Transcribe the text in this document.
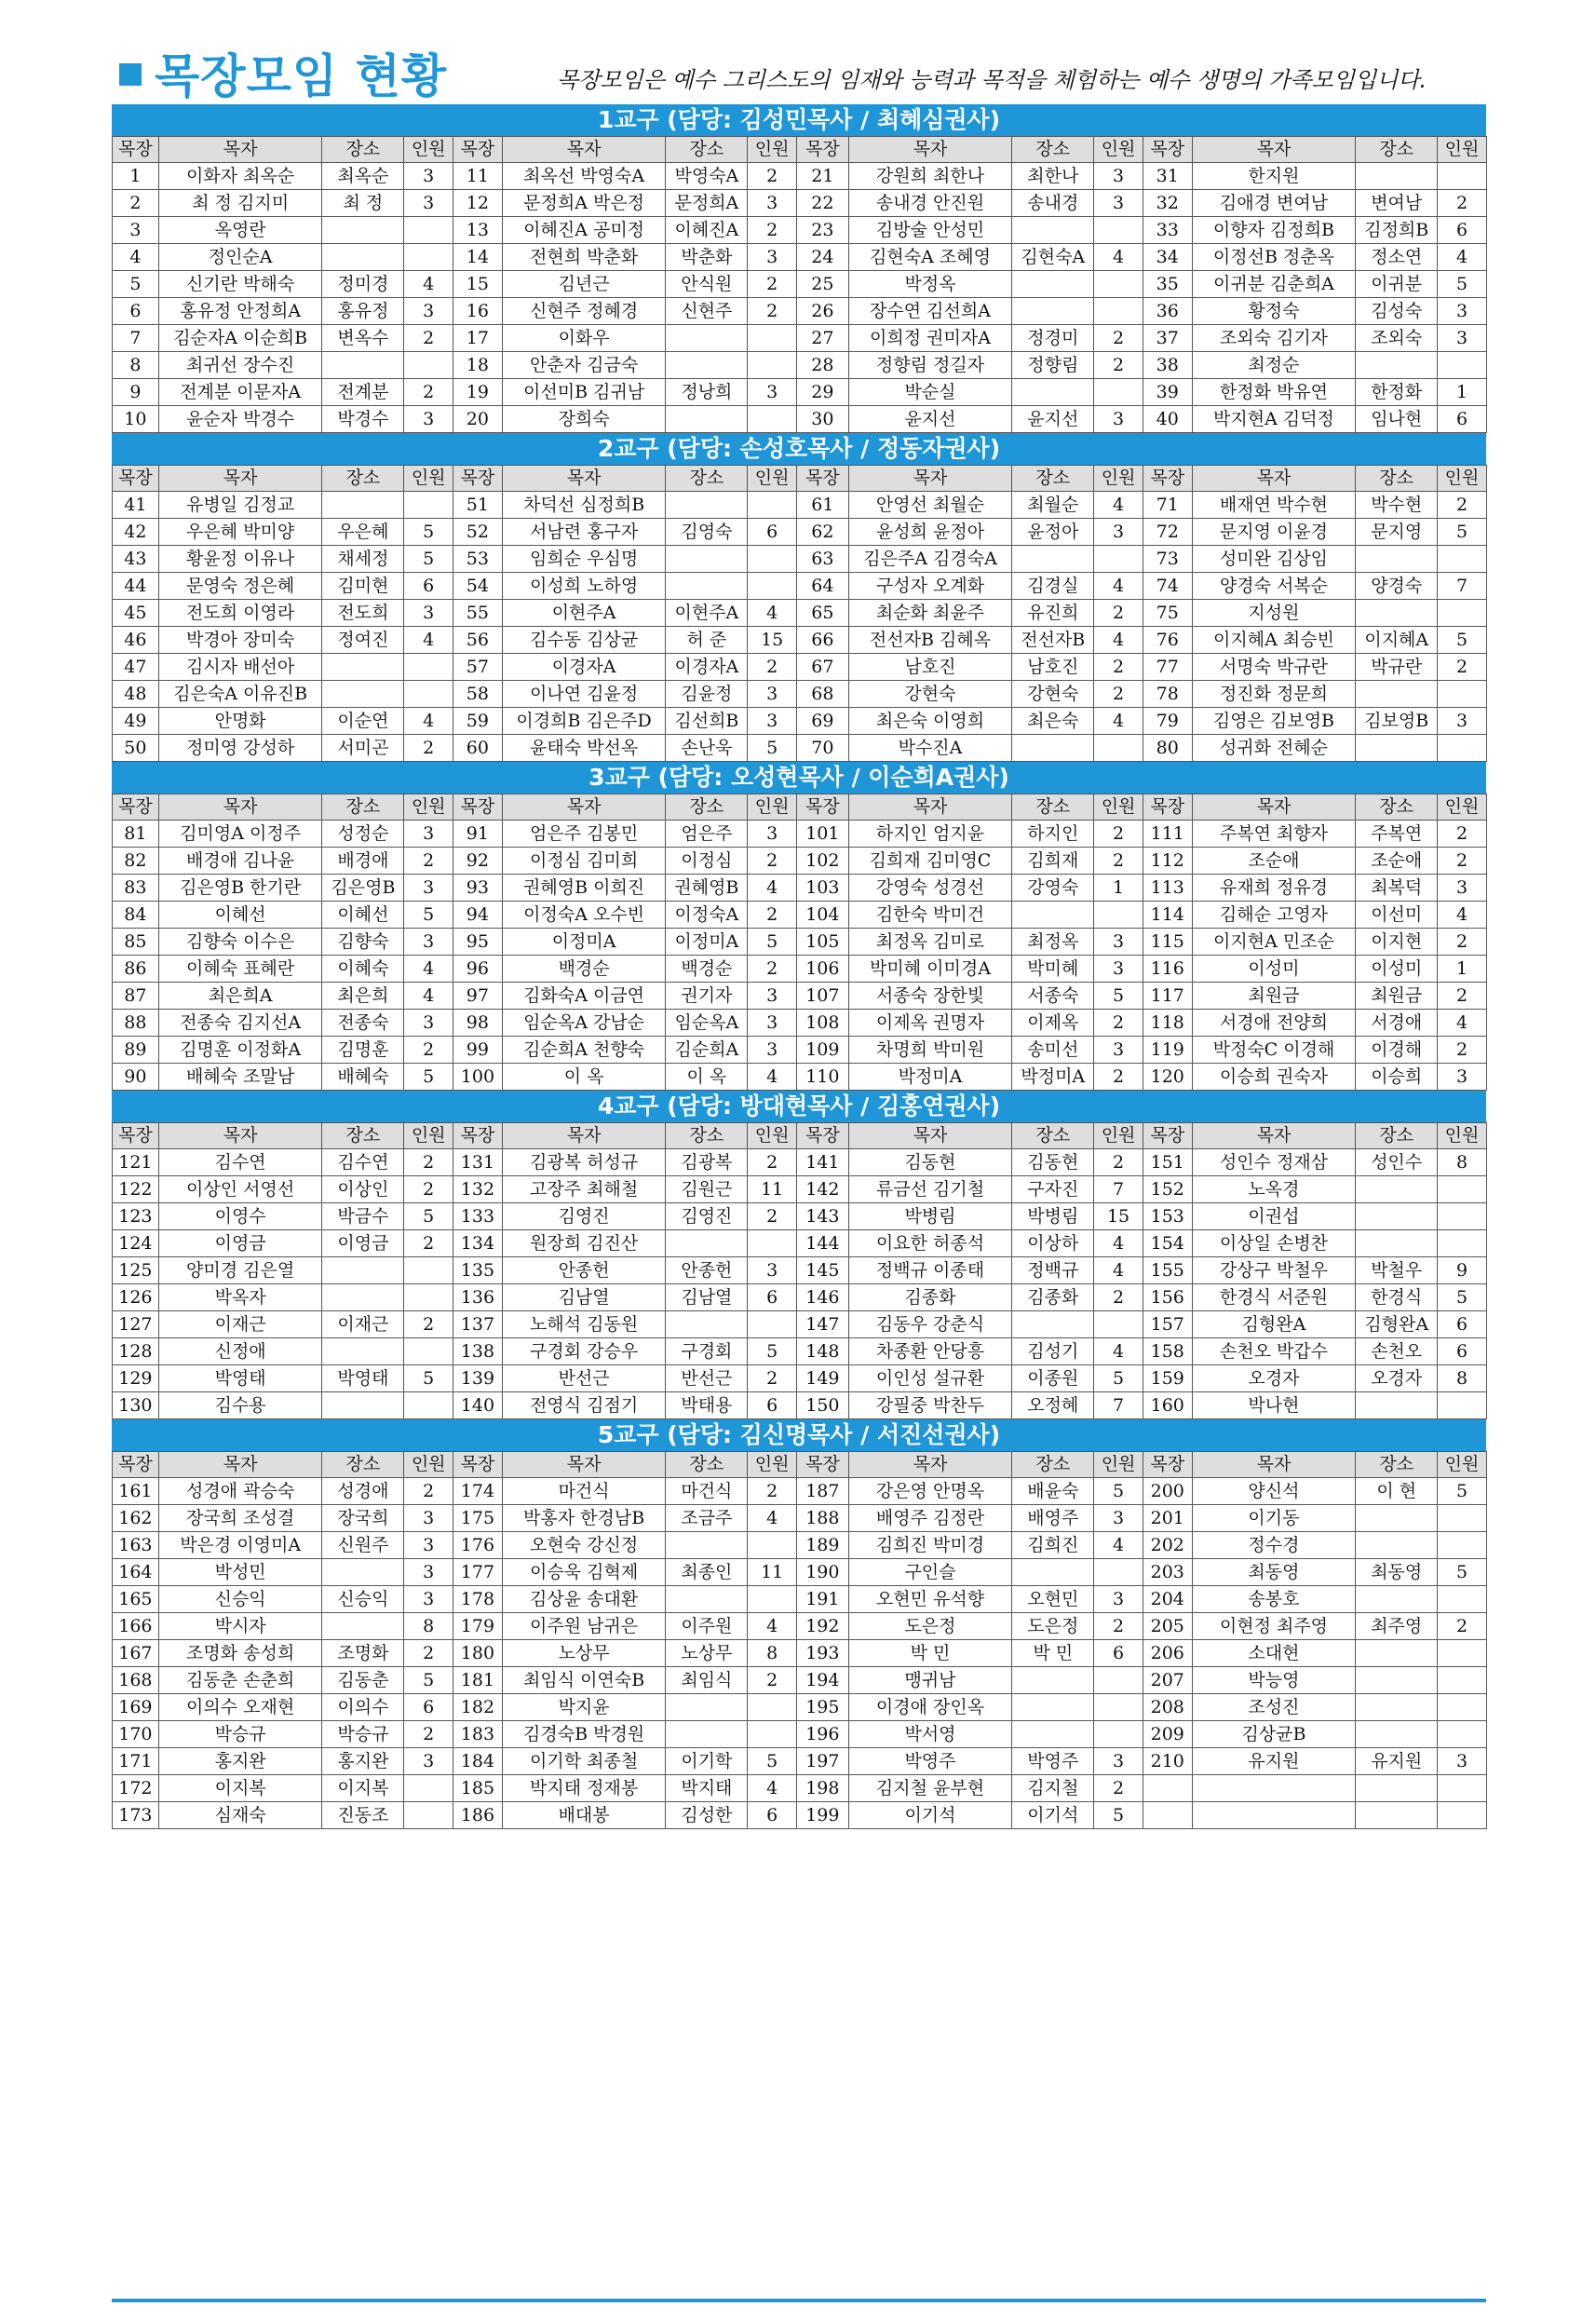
목장모임 현황	목장모임은 예수 그리스도의 임재와 능력과 목적을 체험하는 예수 생명의 가족모임입니다.
1교구 (담당: 김성민목사 / 최혜심권사)
목장	목자	장소	인원	목장	목자	장소	인원	목장	목자	장소	인원	목장	목자	장소	인원
1	이화자 최옥순	최옥순	3	11	최옥선 박영숙A	박영숙A	2	21	강원희 최한나	최한나	3	31	한지원		
2	최 정 김지미	최 정	3	12	문정희A 박은정	문정희A	3	22	송내경 안진원	송내경	3	32	김애경 변여남	변여남	2
3	옥영란			13	이혜진A 공미정	이혜진A	2	23	김방술 안성민			33	이향자 김정희B	김정희B	6
4	정인순A			14	전현희 박춘화	박춘화	3	24	김현숙A 조혜영	김현숙A	4	34	이정선B 정춘옥	정소연	4
5	신기란 박해숙	정미경	4	15	김년근	안식원	2	25	박정옥			35	이귀분 김춘희A	이귀분	5
6	홍유정 안정희A	홍유정	3	16	신현주 정혜경	신현주	2	26	장수연 김선희A			36	황정숙	김성숙	3
7	김순자A 이순희B	변옥수	2	17	이화우			27	이희정 권미자A	정경미	2	37	조외숙 김기자	조외숙	3
8	최귀선 장수진			18	안춘자 김금숙			28	정향림 정길자	정향림	2	38	최정순		
9	전계분 이문자A	전계분	2	19	이선미B 김귀남	정낭희	3	29	박순실			39	한정화 박유연	한정화	1
10	윤순자 박경수	박경수	3	20	장희숙			30	윤지선	윤지선	3	40	박지현A 김덕정	임나현	6
2교구 (담당: 손성호목사 / 정동자권사)
목장	목자	장소	인원	목장	목자	장소	인원	목장	목자	장소	인원	목장	목자	장소	인원
41	유병일 김정교			51	차덕선 심정희B			61	안영선 최월순	최월순	4	71	배재연 박수현	박수현	2
42	우은혜 박미양	우은혜	5	52	서남련 홍구자	김영숙	6	62	윤성희 윤정아	윤정아	3	72	문지영 이윤경	문지영	5
43	황윤정 이유나	채세정	5	53	임희순 우심명			63	김은주A 김경숙A			73	성미완 김상임		
44	문영숙 정은혜	김미현	6	54	이성희 노하영			64	구성자 오계화	김경실	4	74	양경숙 서복순	양경숙	7
45	전도희 이영라	전도희	3	55	이현주A	이현주A	4	65	최순화 최윤주	유진희	2	75	지성원		
46	박경아 장미숙	정여진	4	56	김수동 김상균	허 준	15	66	전선자B 김혜옥	전선자B	4	76	이지혜A 최승빈	이지혜A	5
47	김시자 배선아			57	이경자A	이경자A	2	67	남호진	남호진	2	77	서명숙 박규란	박규란	2
48	김은숙A 이유진B			58	이나연 김윤정	김윤정	3	68	강현숙	강현숙	2	78	정진화 정문희		
49	안명화	이순연	4	59	이경희B 김은주D	김선희B	3	69	최은숙 이영희	최은숙	4	79	김영은 김보영B	김보영B	3
50	정미영 강성하	서미곤	2	60	윤태숙 박선옥	손난욱	5	70	박수진A			80	성귀화 전혜순		
3교구 (담당: 오성현목사 / 이순희A권사)
목장	목자	장소	인원	목장	목자	장소	인원	목장	목자	장소	인원	목장	목자	장소	인원
81	김미영A 이정주	성정순	3	91	엄은주 김봉민	엄은주	3	101	하지인 엄지윤	하지인	2	111	주복연 최향자	주복연	2
82	배경애 김나윤	배경애	2	92	이정심 김미희	이정심	2	102	김희재 김미영C	김희재	2	112	조순애	조순애	2
83	김은영B 한기란	김은영B	3	93	권혜영B 이희진	권혜영B	4	103	강영숙 성경선	강영숙	1	113	유재희 정유경	최복덕	3
84	이혜선	이혜선	5	94	이정숙A 오수빈	이정숙A	2	104	김한숙 박미건			114	김해순 고영자	이선미	4
85	김향숙 이수은	김향숙	3	95	이정미A	이정미A	5	105	최정옥 김미로	최정옥	3	115	이지현A 민조순	이지현	2
86	이혜숙 표혜란	이혜숙	4	96	백경순	백경순	2	106	박미혜 이미경A	박미혜	3	116	이성미	이성미	1
87	최은희A	최은희	4	97	김화숙A 이금연	권기자	3	107	서종숙 장한빛	서종숙	5	117	최원금	최원금	2
88	전종숙 김지선A	전종숙	3	98	임순옥A 강남순	임순옥A	3	108	이제옥 권명자	이제옥	2	118	서경애 전양희	서경애	4
89	김명훈 이정화A	김명훈	2	99	김순희A 천향숙	김순희A	3	109	차명희 박미원	송미선	3	119	박정숙C 이경해	이경해	2
90	배혜숙 조말남	배혜숙	5	100	이 옥	이 옥	4	110	박정미A	박정미A	2	120	이승희 권숙자	이승희	3
4교구 (담당: 방대현목사 / 김홍연권사)
목장	목자	장소	인원	목장	목자	장소	인원	목장	목자	장소	인원	목장	목자	장소	인원
121	김수연	김수연	2	131	김광복 허성규	김광복	2	141	김동현	김동현	2	151	성인수 정재삼	성인수	8
122	이상인 서영선	이상인	2	132	고장주 최해철	김원근	11	142	류금선 김기철	구자진	7	152	노옥경		
123	이영수	박금수	5	133	김영진	김영진	2	143	박병림	박병림	15	153	이권섭		
124	이영금	이영금	2	134	원장희 김진산			144	이요한 허종석	이상하	4	154	이상일 손병찬		
125	양미경 김은열			135	안종헌	안종헌	3	145	정백규 이종태	정백규	4	155	강상구 박철우	박철우	9
126	박옥자			136	김남열	김남열	6	146	김종화	김종화	2	156	한경식 서준원	한경식	5
127	이재근	이재근	2	137	노해석 김동원			147	김동우 강춘식			157	김형완A	김형완A	6
128	신정애			138	구경회 강승우	구경회	5	148	차종환 안당흥	김성기	4	158	손천오 박갑수	손천오	6
129	박영태	박영태	5	139	반선근	반선근	2	149	이인성 설규환	이종원	5	159	오경자	오경자	8
130	김수용			140	전영식 김점기	박태용	6	150	강필중 박찬두	오정혜	7	160	박나현		
5교구 (담당: 김신명목사 / 서진선권사)
목장	목자	장소	인원	목장	목자	장소	인원	목장	목자	장소	인원	목장	목자	장소	인원
161	성경애 곽승숙	성경애	2	174	마건식	마건식	2	187	강은영 안명옥	배윤숙	5	200	양신석	이 현	5
162	장국희 조성결	장국희	3	175	박홍자 한경남B	조금주	4	188	배영주 김정란	배영주	3	201	이기동		
163	박은경 이영미A	신원주	3	176	오현숙 강신정			189	김희진 박미경	김희진	4	202	정수경		
164	박성민		3	177	이승욱 김혁제	최종인	11	190	구인슬			203	최동영	최동영	5
165	신승익	신승익	3	178	김상윤 송대환			191	오현민 유석향	오현민	3	204	송봉호		
166	박시자		8	179	이주원 남귀은	이주원	4	192	도은정	도은정	2	205	이현정 최주영	최주영	2
167	조명화 송성희	조명화	2	180	노상무	노상무	8	193	박 민	박 민	6	206	소대현		
168	김동춘 손춘희	김동춘	5	181	최임식 이연숙B	최임식	2	194	맹귀남			207	박능영		
169	이의수 오재현	이의수	6	182	박지윤			195	이경애 장인옥			208	조성진		
170	박승규	박승규	2	183	김경숙B 박경원			196	박서영			209	김상균B		
171	홍지완	홍지완	3	184	이기학 최종철	이기학	5	197	박영주	박영주	3	210	유지원	유지원	3
172	이지복	이지복		185	박지태 정재봉	박지태	4	198	김지철 윤부현	김지철	2				
173	심재숙	진동조		186	배대봉	김성한	6	199	이기석	이기석	5				
